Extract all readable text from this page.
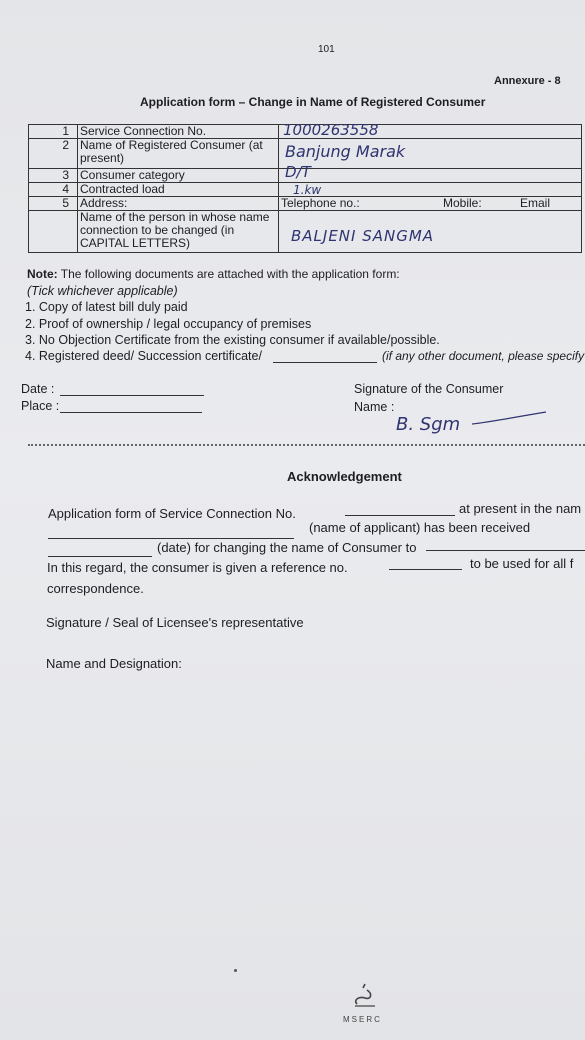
101
Annexure - 8
Application form – Change in Name of Registered Consumer
1	Service Connection No.	1000263558

2	Name of Registered Consumer (at present)	Banjung Marak

3	Consumer category	D/T

4	Contracted load	1.kw

5	Address:	Telephone no.: Mobile: Email

	Name of the person in whose name connection to be changed (in CAPITAL LETTERS)	BALJENI SANGMA
Note: The following documents are attached with the application form:
(Tick whichever applicable)
1. Copy of latest bill duly paid
2. Proof of ownership / legal occupancy of premises
3. No Objection Certificate from the existing consumer if available/possible.
4. Registered deed/ Succession certificate/	(if any other document, please specify
Date :
Place :
Signature of the Consumer
Name :
B. Sgm
Acknowledgement
Application form of Service Connection No.	at present in the nam
(name of applicant) has been received
(date) for changing the name of Consumer to
In this regard, the consumer is given a reference no.	to be used for all f
correspondence.
Signature / Seal of Licensee's representative
Name and Designation:
MSERC
